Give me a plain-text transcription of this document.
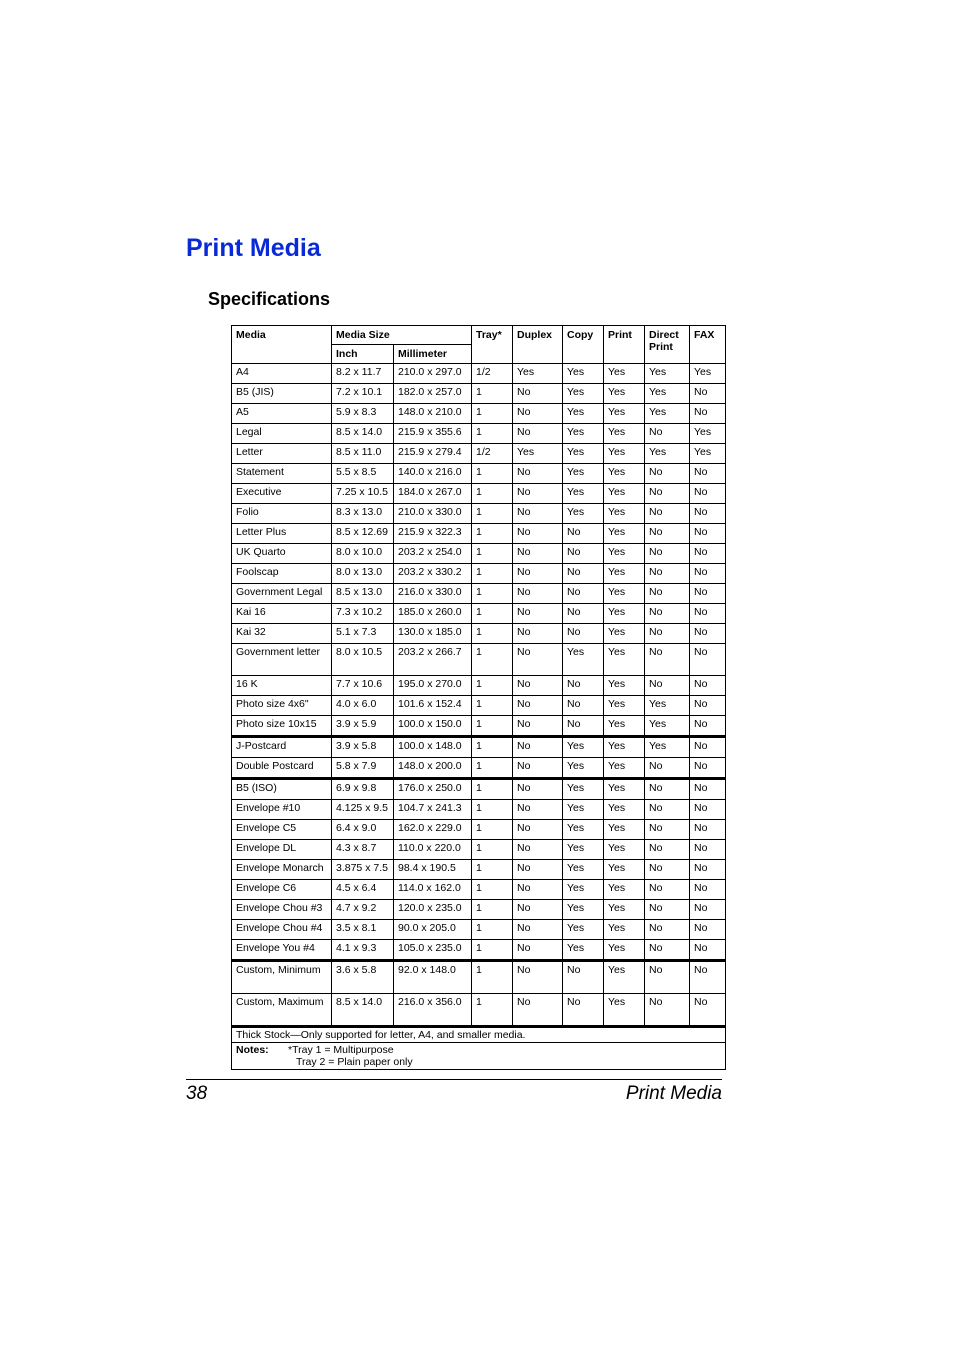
Print Media
Specifications
Media	Media Size		Tray*	Duplex	Copy	Print	Direct Print	FAX
	Inch	Millimeter						
A4	8.2 x 11.7	210.0 x 297.0	1/2	Yes	Yes	Yes	Yes	Yes
B5 (JIS)	7.2 x 10.1	182.0 x 257.0	1	No	Yes	Yes	Yes	No
A5	5.9 x 8.3	148.0 x 210.0	1	No	Yes	Yes	Yes	No
Legal	8.5 x 14.0	215.9 x 355.6	1	No	Yes	Yes	No	Yes
Letter	8.5 x 11.0	215.9 x 279.4	1/2	Yes	Yes	Yes	Yes	Yes
Statement	5.5 x 8.5	140.0 x 216.0	1	No	Yes	Yes	No	No
Executive	7.25 x 10.5	184.0 x 267.0	1	No	Yes	Yes	No	No
Folio	8.3 x 13.0	210.0 x 330.0	1	No	Yes	Yes	No	No
Letter Plus	8.5 x 12.69	215.9 x 322.3	1	No	No	Yes	No	No
UK Quarto	8.0 x 10.0	203.2 x 254.0	1	No	No	Yes	No	No
Foolscap	8.0 x 13.0	203.2 x 330.2	1	No	No	Yes	No	No
Government Legal	8.5 x 13.0	216.0 x 330.0	1	No	No	Yes	No	No
Kai 16	7.3 x 10.2	185.0 x 260.0	1	No	No	Yes	No	No
Kai 32	5.1 x 7.3	130.0 x 185.0	1	No	No	Yes	No	No
Government letter	8.0 x 10.5	203.2 x 266.7	1	No	Yes	Yes	No	No
16 K	7.7 x 10.6	195.0 x 270.0	1	No	No	Yes	No	No
Photo size 4x6"	4.0 x 6.0	101.6 x 152.4	1	No	No	Yes	Yes	No
Photo size 10x15	3.9 x 5.9	100.0 x 150.0	1	No	No	Yes	Yes	No
J-Postcard	3.9 x 5.8	100.0 x 148.0	1	No	Yes	Yes	Yes	No
Double Postcard	5.8 x 7.9	148.0 x 200.0	1	No	Yes	Yes	No	No
B5 (ISO)	6.9 x 9.8	176.0 x 250.0	1	No	Yes	Yes	No	No
Envelope #10	4.125 x 9.5	104.7 x 241.3	1	No	Yes	Yes	No	No
Envelope C5	6.4 x 9.0	162.0 x 229.0	1	No	Yes	Yes	No	No
Envelope DL	4.3 x 8.7	110.0 x 220.0	1	No	Yes	Yes	No	No
Envelope Monarch	3.875 x 7.5	98.4 x 190.5	1	No	Yes	Yes	No	No
Envelope C6	4.5 x 6.4	114.0 x 162.0	1	No	Yes	Yes	No	No
Envelope Chou #3	4.7 x 9.2	120.0 x 235.0	1	No	Yes	Yes	No	No
Envelope Chou #4	3.5 x 8.1	90.0 x 205.0	1	No	Yes	Yes	No	No
Envelope You #4	4.1 x 9.3	105.0 x 235.0	1	No	Yes	Yes	No	No
Custom, Minimum	3.6 x 5.8	92.0 x 148.0	1	No	No	Yes	No	No
Custom, Maximum	8.5 x 14.0	216.0 x 356.0	1	No	No	Yes	No	No
Thick Stock—Only supported for letter, A4, and smaller media.								
Notes: *Tray 1 = Multipurpose
Tray 2 = Plain paper only								
38	Print Media
